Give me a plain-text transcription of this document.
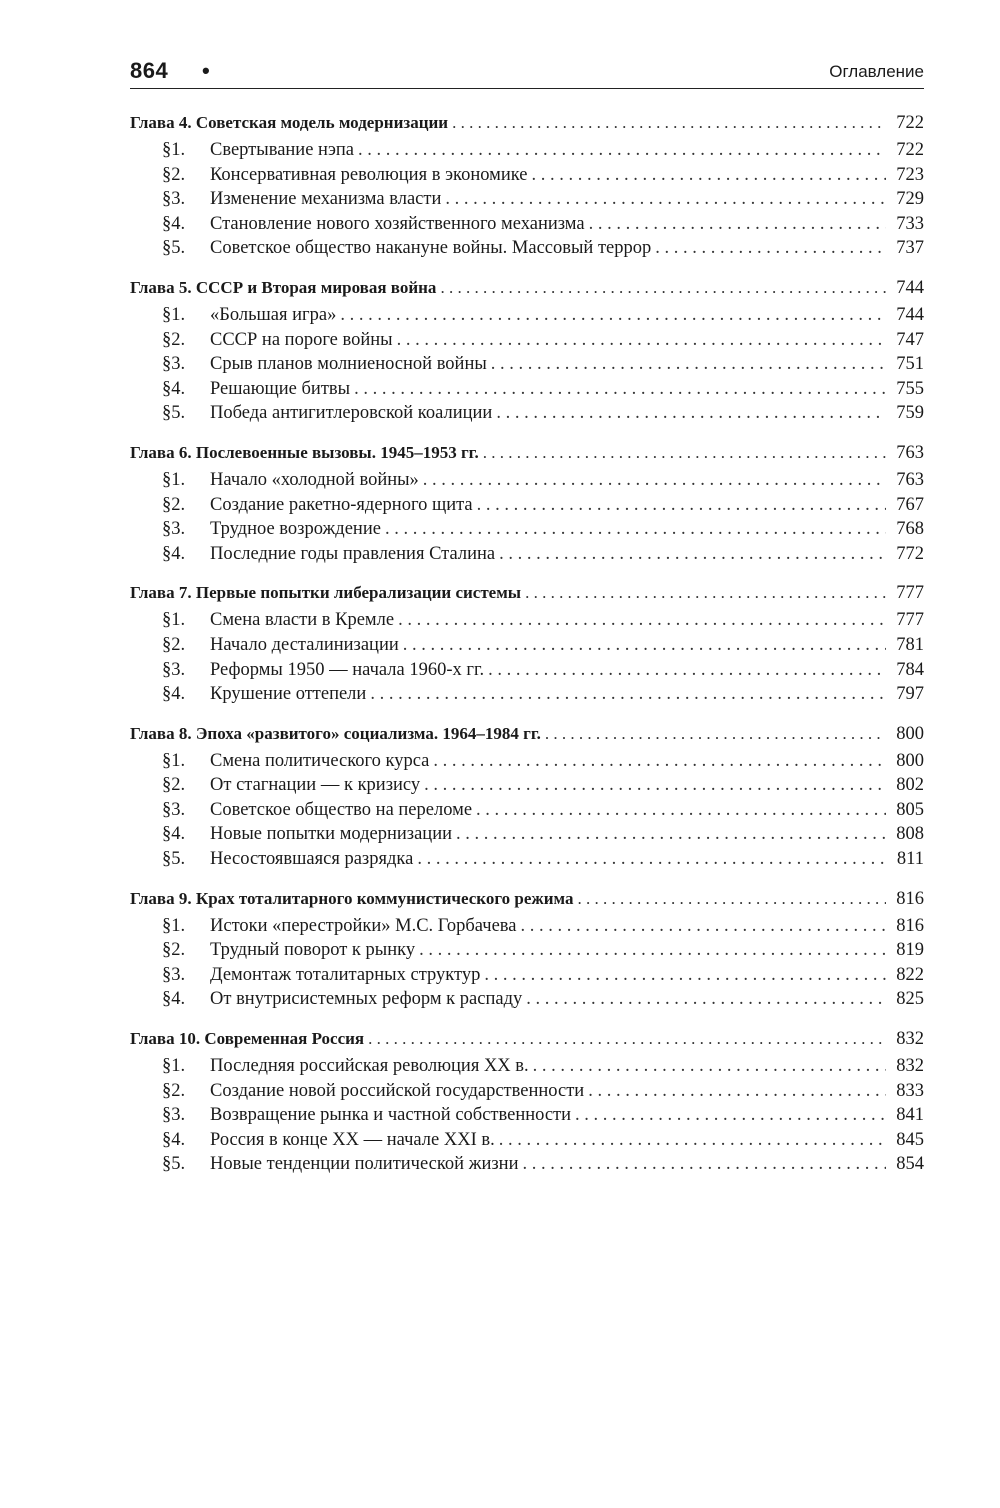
864 •	Оглавление
Глава 4. Советская модель модернизации . . .	722
§1.	Свертывание нэпа . . .	722
§2.	Консервативная революция в экономике . . .	723
§3.	Изменение механизма власти . . .	729
§4.	Становление нового хозяйственного механизма . . .	733
§5.	Советское общество накануне войны. Массовый террор . . .	737
Глава 5. СССР и Вторая мировая война . . .	744
§1.	«Большая игра» . . .	744
§2.	СССР на пороге войны . . .	747
§3.	Срыв планов молниеносной войны . . .	751
§4.	Решающие битвы . . .	755
§5.	Победа антигитлеровской коалиции . . .	759
Глава 6. Послевоенные вызовы. 1945–1953 гг. . . .	763
§1.	Начало «холодной войны» . . .	763
§2.	Создание ракетно-ядерного щита . . .	767
§3.	Трудное возрождение . . .	768
§4.	Последние годы правления Сталина . . .	772
Глава 7. Первые попытки либерализации системы . . .	777
§1.	Смена власти в Кремле . . .	777
§2.	Начало десталинизации . . .	781
§3.	Реформы 1950 — начала 1960-х гг. . . .	784
§4.	Крушение оттепели . . .	797
Глава 8. Эпоха «развитого» социализма. 1964–1984 гг. . . .	800
§1.	Смена политического курса . . .	800
§2.	От стагнации — к кризису . . .	802
§3.	Советское общество на переломе . . .	805
§4.	Новые попытки модернизации . . .	808
§5.	Несостоявшаяся разрядка . . .	811
Глава 9. Крах тоталитарного коммунистического режима . . .	816
§1.	Истоки «перестройки» М.С. Горбачева . . .	816
§2.	Трудный поворот к рынку . . .	819
§3.	Демонтаж тоталитарных структур . . .	822
§4.	От внутрисистемных реформ к распаду . . .	825
Глава 10. Современная Россия . . .	832
§1.	Последняя российская революция XX в. . . .	832
§2.	Создание новой российской государственности . . .	833
§3.	Возвращение рынка и частной собственности . . .	841
§4.	Россия в конце XX — начале XXI в. . . .	845
§5.	Новые тенденции политической жизни . . .	854
